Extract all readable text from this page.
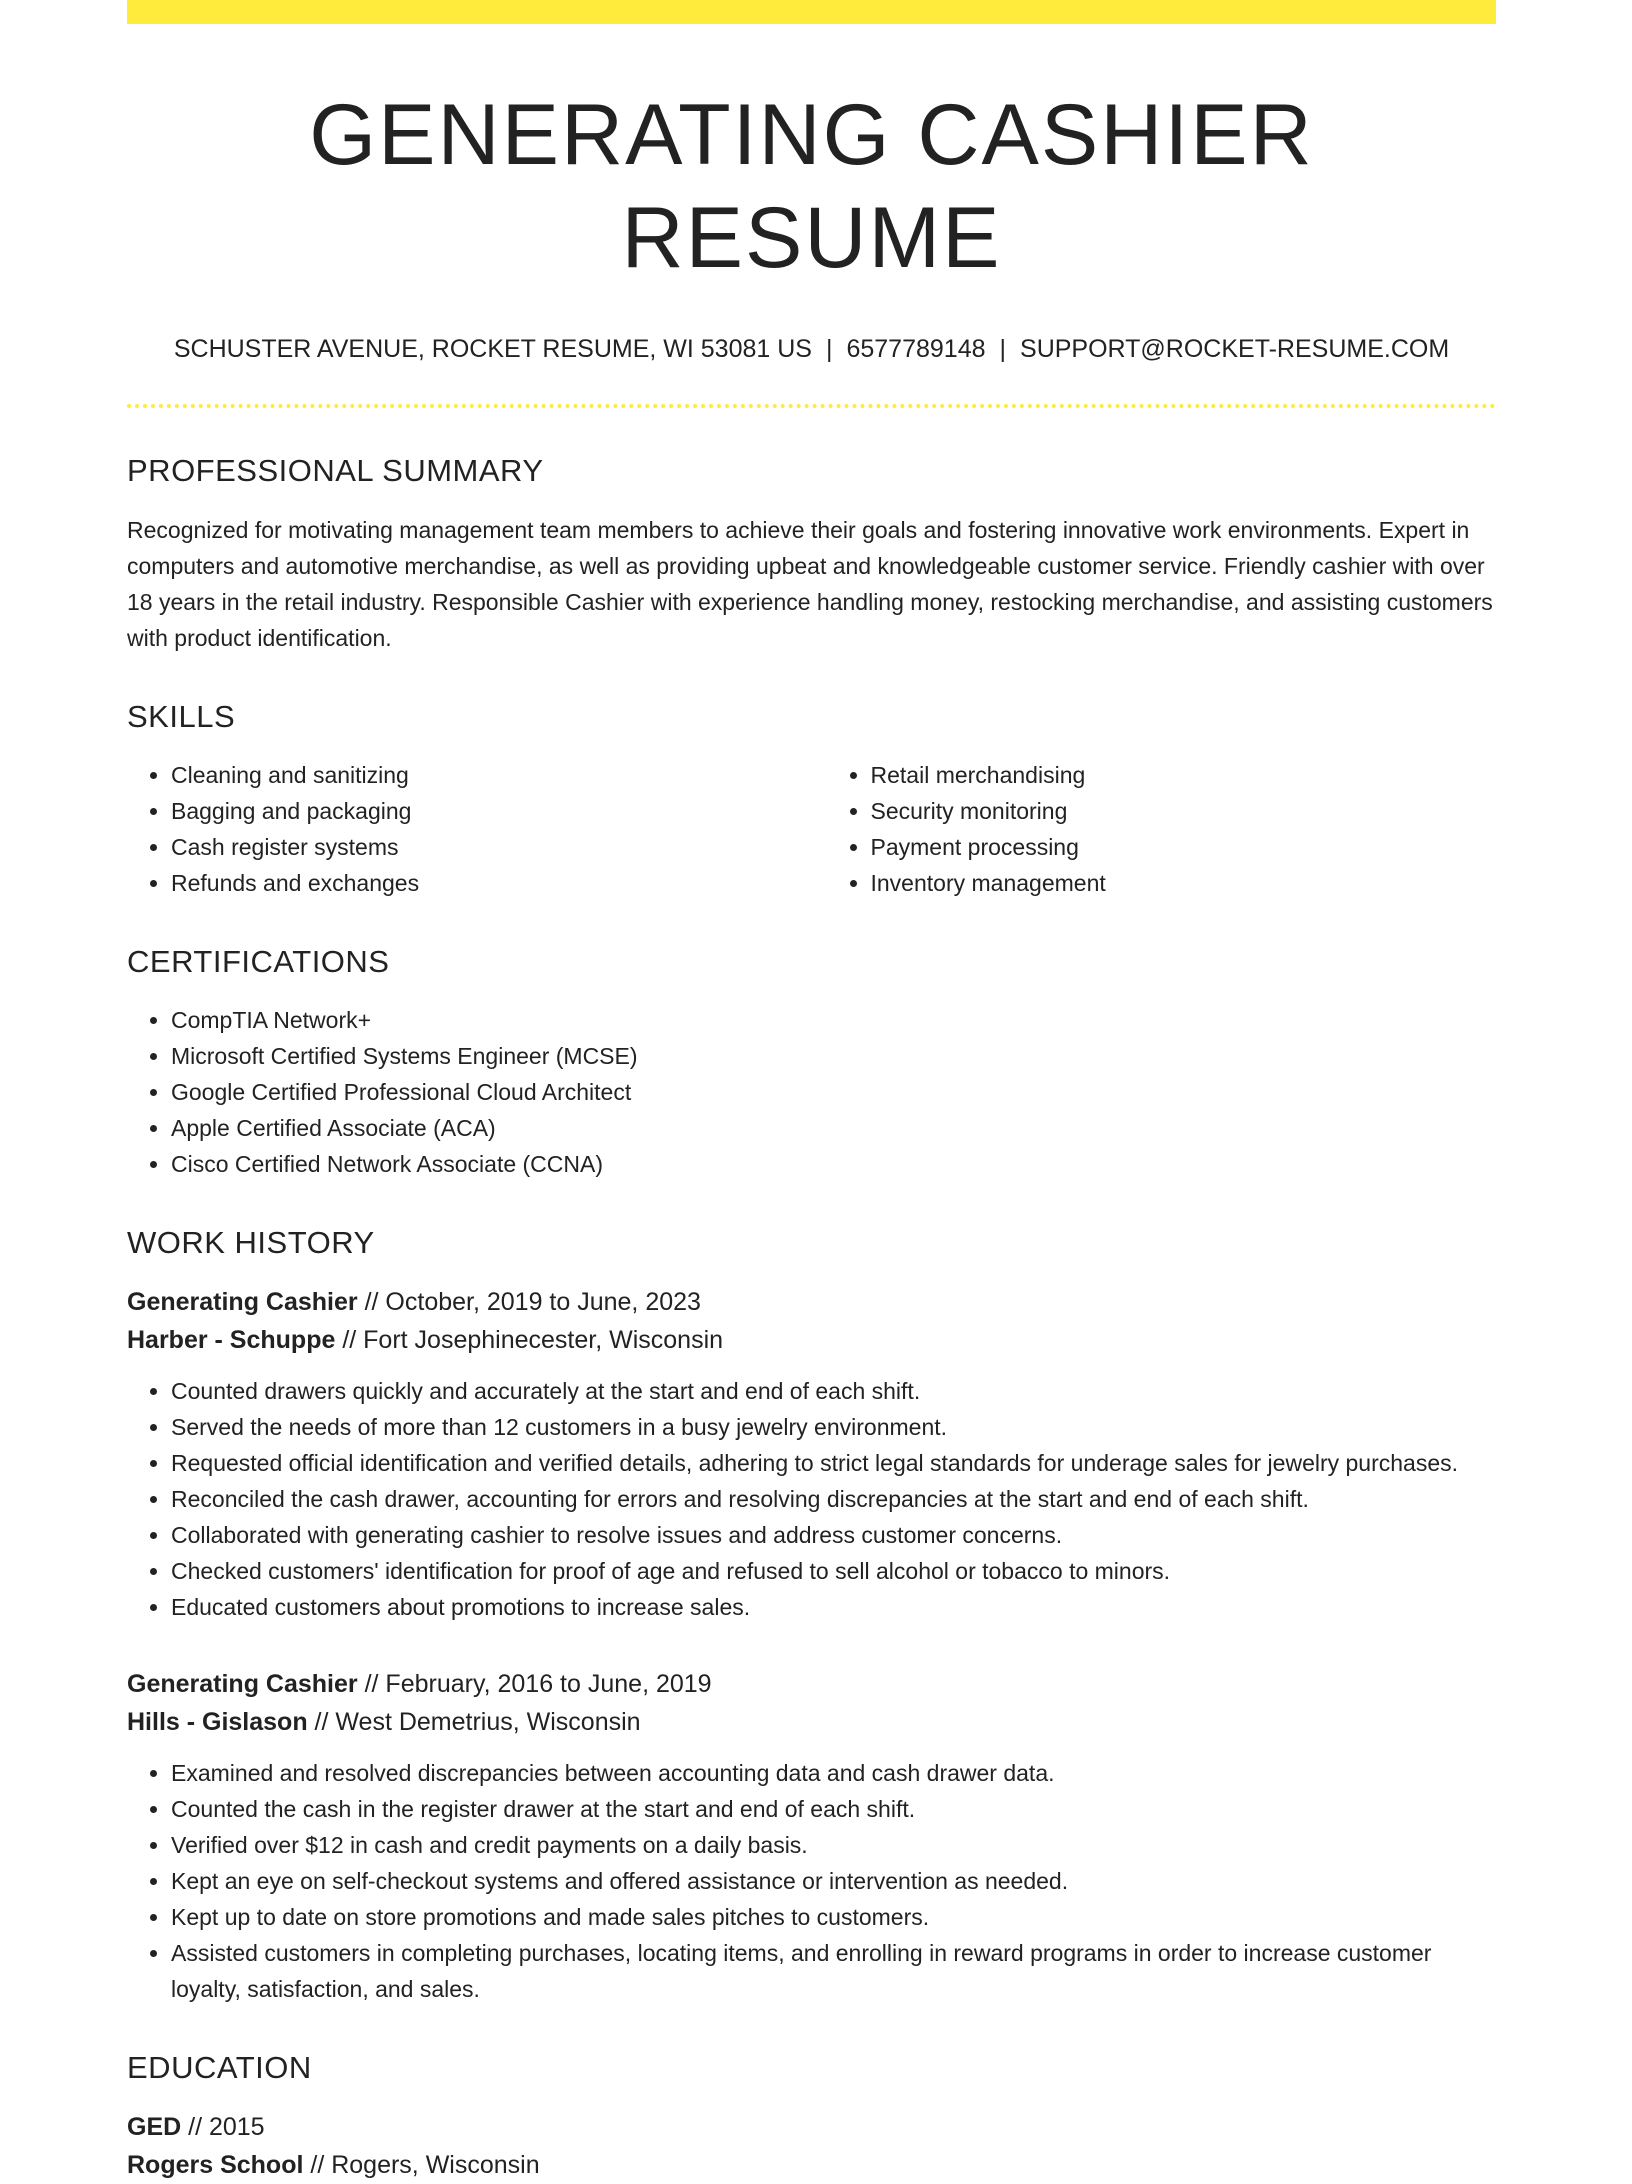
GENERATING CASHIER RESUME
SCHUSTER AVENUE, ROCKET RESUME, WI 53081 US | 6577789148 | SUPPORT@ROCKET-RESUME.COM
PROFESSIONAL SUMMARY

Recognized for motivating management team members to achieve their goals and fostering innovative work environments. Expert in computers and automotive merchandise, as well as providing upbeat and knowledgeable customer service. Friendly cashier with over 18 years in the retail industry. Responsible Cashier with experience handling money, restocking merchandise, and assisting customers with product identification.

SKILLS
• Cleaning and sanitizing
• Bagging and packaging
• Cash register systems
• Refunds and exchanges
• Retail merchandising
• Security monitoring
• Payment processing
• Inventory management
CERTIFICATIONS
• CompTIA Network+
• Microsoft Certified Systems Engineer (MCSE)
• Google Certified Professional Cloud Architect
• Apple Certified Associate (ACA)
• Cisco Certified Network Associate (CCNA)
WORK HISTORY
Generating Cashier // October, 2019 to June, 2023
Harber - Schuppe // Fort Josephinecester, Wisconsin
• Counted drawers quickly and accurately at the start and end of each shift.
• Served the needs of more than 12 customers in a busy jewelry environment.
• Requested official identification and verified details, adhering to strict legal standards for underage sales for jewelry purchases.
• Reconciled the cash drawer, accounting for errors and resolving discrepancies at the start and end of each shift.
• Collaborated with generating cashier to resolve issues and address customer concerns.
• Checked customers' identification for proof of age and refused to sell alcohol or tobacco to minors.
• Educated customers about promotions to increase sales.
Generating Cashier // February, 2016 to June, 2019
Hills - Gislason // West Demetrius, Wisconsin
• Examined and resolved discrepancies between accounting data and cash drawer data.
• Counted the cash in the register drawer at the start and end of each shift.
• Verified over $12 in cash and credit payments on a daily basis.
• Kept an eye on self-checkout systems and offered assistance or intervention as needed.
• Kept up to date on store promotions and made sales pitches to customers.
• Assisted customers in completing purchases, locating items, and enrolling in reward programs in order to increase customer loyalty, satisfaction, and sales.
EDUCATION
GED // 2015
Rogers School // Rogers, Wisconsin
